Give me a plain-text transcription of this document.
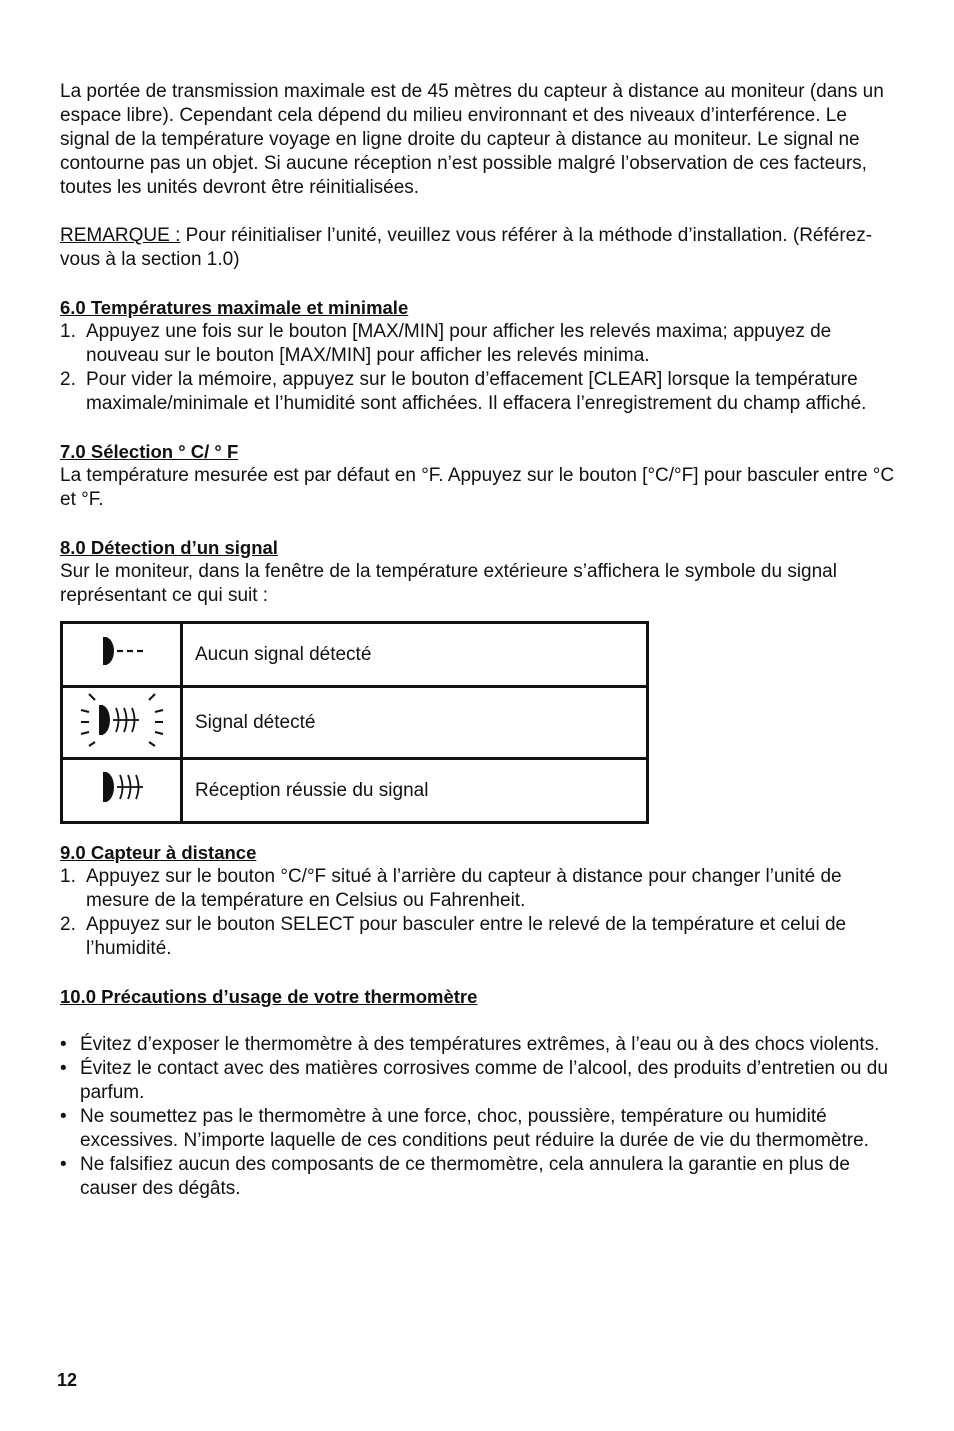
La portée de transmission maximale est de 45 mètres du capteur à distance au moniteur (dans un espace libre). Cependant cela dépend du milieu environnant et des niveaux d’interférence. Le signal de la température voyage en ligne droite du capteur à distance au moniteur. Le signal ne contourne pas un objet. Si aucune réception n’est possible malgré l’observation de ces facteurs, toutes les unités devront être réinitialisées.

REMARQUE : Pour réinitialiser l’unité, veuillez vous référer à la méthode d’installation. (Référez-vous à la section 1.0)

6.0 Températures maximale et minimale

1. Appuyez une fois sur le bouton [MAX/MIN] pour afficher les relevés maxima; appuyez de nouveau sur le bouton [MAX/MIN] pour afficher les relevés minima.
2. Pour vider la mémoire, appuyez sur le bouton d’effacement [CLEAR] lorsque la température maximale/minimale et l’humidité sont affichées. Il effacera l’enregistrement du champ affiché.

7.0 Sélection ° C/ ° F

La température mesurée est par défaut en °F. Appuyez sur le bouton [°C/°F] pour basculer entre °C et °F.

8.0 Détection d’un signal

Sur le moniteur, dans la fenêtre de la température extérieure s’affichera le symbole du signal représentant ce qui suit :

	Aucun signal détecté
	Signal détecté
	Réception réussie du signal

9.0 Capteur à distance

1. Appuyez sur le bouton °C/°F situé à l’arrière du capteur à distance pour changer l’unité de mesure de la température en Celsius ou Fahrenheit.
2. Appuyez sur le bouton SELECT pour basculer entre le relevé de la température et celui de l’humidité.

10.0 Précautions d’usage de votre thermomètre

• Évitez d’exposer le thermomètre à des températures extrêmes, à l’eau ou à des chocs violents.
• Évitez le contact avec des matières corrosives comme de l’alcool, des produits d’entretien ou du parfum.
• Ne soumettez pas le thermomètre à une force, choc, poussière, température ou humidité excessives. N’importe laquelle de ces conditions peut réduire la durée de vie du thermomètre.
• Ne falsifiez aucun des composants de ce thermomètre, cela annulera la garantie en plus de causer des dégâts.
12
